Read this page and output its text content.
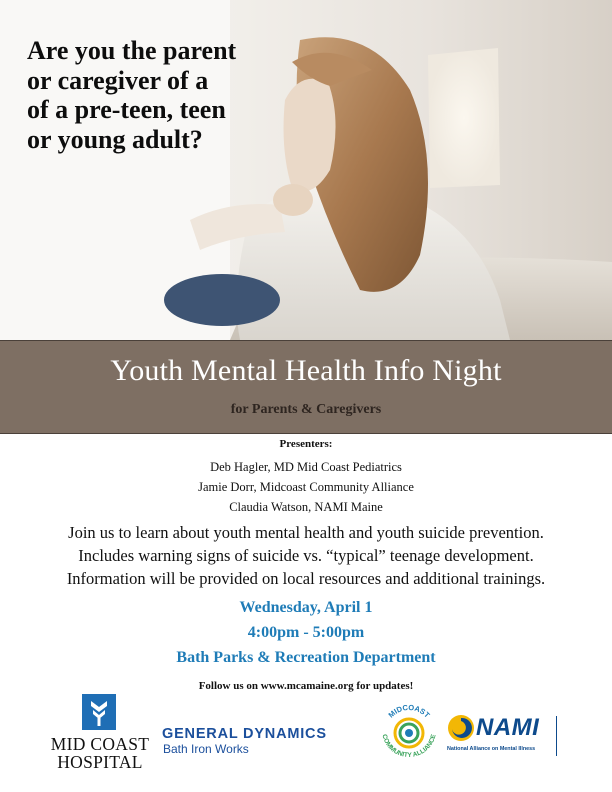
Are you the parent
or caregiver of a
of a pre-teen, teen
or young adult?
Youth Mental Health Info Night
for Parents & Caregivers
Presenters:
Deb Hagler, MD Mid Coast Pediatrics
Jamie Dorr, Midcoast Community Alliance
Claudia Watson, NAMI Maine
Join us to learn about youth mental health and youth suicide prevention.
Includes warning signs of suicide vs. “typical” teenage development.
Information will be provided on local resources and additional trainings.
Wednesday, April 1
4:00pm - 5:00pm
Bath Parks & Recreation Department
Follow us on www.mcamaine.org for updates!
MID COAST
HOSPITAL
GENERAL DYNAMICS
Bath Iron Works
MIDCOAST
COMMUNITY ALLIANCE NAMI
National Alliance on Mental Illness
